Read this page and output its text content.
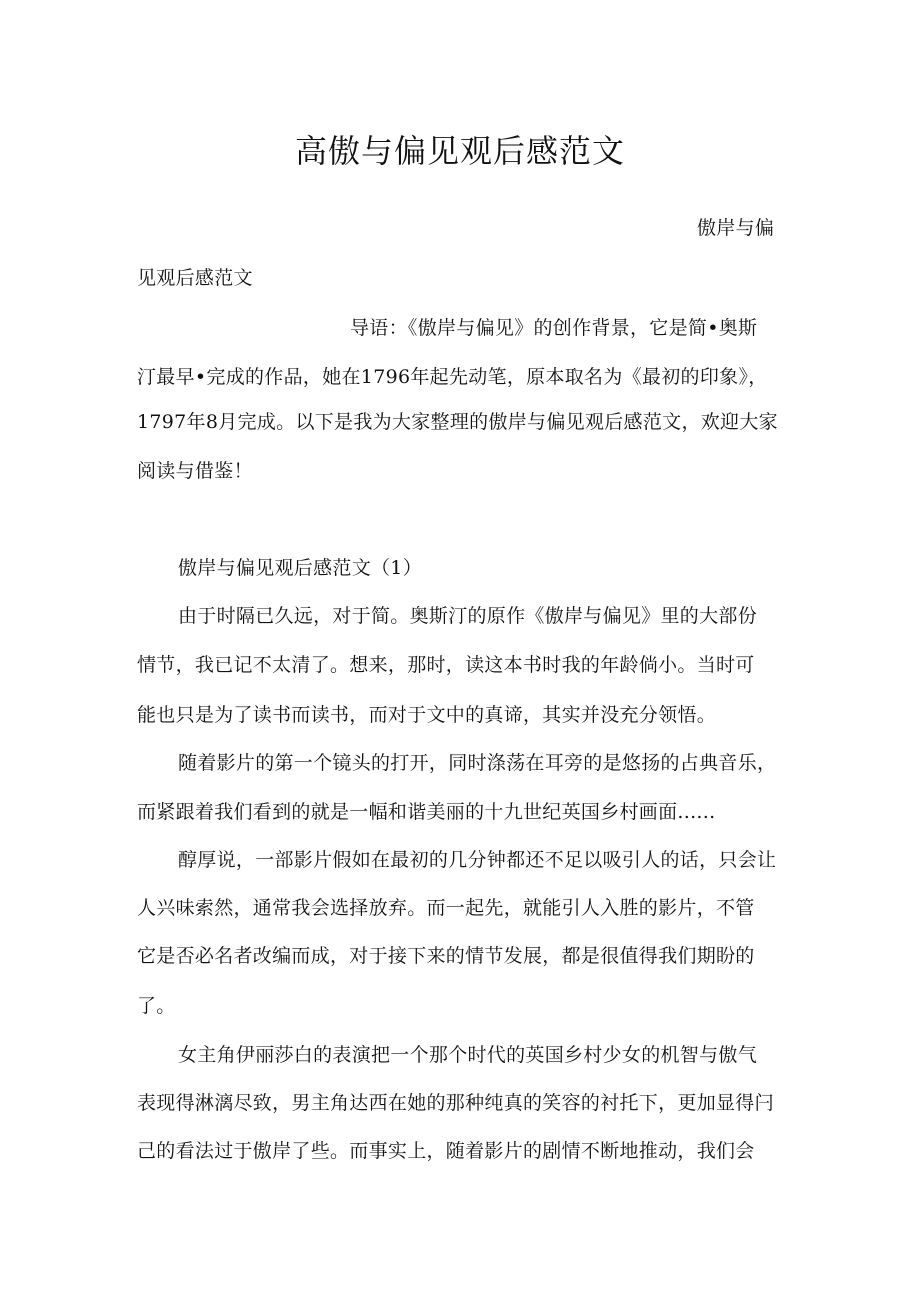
高傲与偏见观后感范文
傲岸与偏
见观后感范文
导语：《傲岸与偏见》的创作背景，它是简•奥斯
汀最早•完成的作品，她在1796年起先动笔，原本取名为《最初的印象》，
1797年8月完成。以下是我为大家整理的傲岸与偏见观后感范文，欢迎大家
阅读与借鉴！
傲岸与偏见观后感范文（1）
由于时隔已久远，对于简。奥斯汀的原作《傲岸与偏见》里的大部份
情节，我已记不太清了。想来，那时，读这本书时我的年龄倘小。当时可
能也只是为了读书而读书，而对于文中的真谛，其实并没充分领悟。
随着影片的第一个镜头的打开，同时涤荡在耳旁的是悠扬的占典音乐，
而紧跟着我们看到的就是一幅和谐美丽的十九世纪英国乡村画面......
醇厚说，一部影片假如在最初的几分钟都还不足以吸引人的话，只会让
人兴味索然，通常我会选择放弃。而一起先，就能引人入胜的影片，不管
它是否必名者改编而成，对于接下来的情节发展，都是很值得我们期盼的
了。
女主角伊丽莎白的表演把一个那个时代的英国乡村少女的机智与傲气
表现得淋漓尽致，男主角达西在她的那种纯真的笑容的衬托下，更加显得闩
己的看法过于傲岸了些。而事实上，随着影片的剧情不断地推动，我们会
